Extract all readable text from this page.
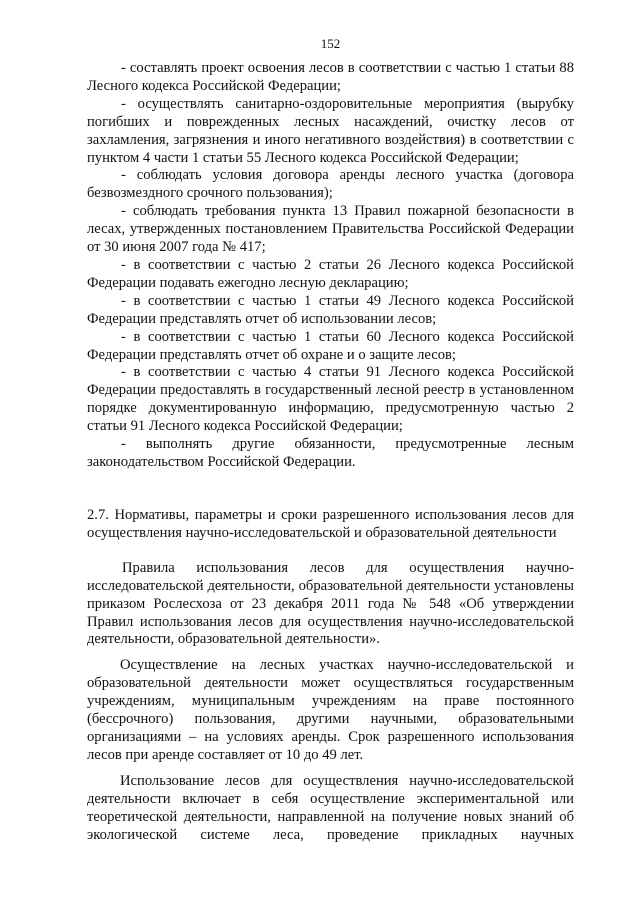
152

- составлять проект освоения лесов в соответствии с частью 1 статьи 88 Лесного кодекса Российской Федерации;

- осуществлять санитарно-оздоровительные мероприятия (вырубку погибших и поврежденных лесных насаждений, очистку лесов от захламления, загрязнения и иного негативного воздействия) в соответствии с пунктом 4 части 1 статьи 55 Лесного кодекса Российской Федерации;

- соблюдать условия договора аренды лесного участка (договора безвозмездного срочного пользования);

- соблюдать требования пункта 13 Правил пожарной безопасности в лесах, утвержденных постановлением Правительства Российской Федерации от 30 июня 2007 года № 417;

- в соответствии с частью 2 статьи 26 Лесного кодекса Российской Федерации подавать ежегодно лесную декларацию;

- в соответствии с частью 1 статьи 49 Лесного кодекса Российской Федерации представлять отчет об использовании лесов;

- в соответствии с частью 1 статьи 60 Лесного кодекса Российской Федерации представлять отчет об охране и о защите лесов;

- в соответствии с частью 4 статьи 91 Лесного кодекса Российской Федерации предоставлять в государственный лесной реестр в установленном порядке документированную информацию, предусмотренную частью 2 статьи 91 Лесного кодекса Российской Федерации;

- выполнять другие обязанности, предусмотренные лесным законодательством Российской Федерации.

2.7. Нормативы, параметры и сроки разрешенного использования лесов для осуществления научно-исследовательской и образовательной деятельности

Правила использования лесов для осуществления научно-исследовательской деятельности, образовательной деятельности установлены приказом Рослесхоза от 23 декабря 2011 года № 548 «Об утверждении Правил использования лесов для осуществления научно-исследовательской деятельности, образовательной деятельности».

Осуществление на лесных участках научно-исследовательской и образовательной деятельности может осуществляться государственным учреждениям, муниципальным учреждениям на праве постоянного (бессрочного) пользования, другими научными, образовательными организациями – на условиях аренды. Срок разрешенного использования лесов при аренде составляет от 10 до 49 лет.

Использование лесов для осуществления научно-исследовательской деятельности включает в себя осуществление экспериментальной или теоретической деятельности, направленной на получение новых знаний об экологической системе леса, проведение прикладных научных
